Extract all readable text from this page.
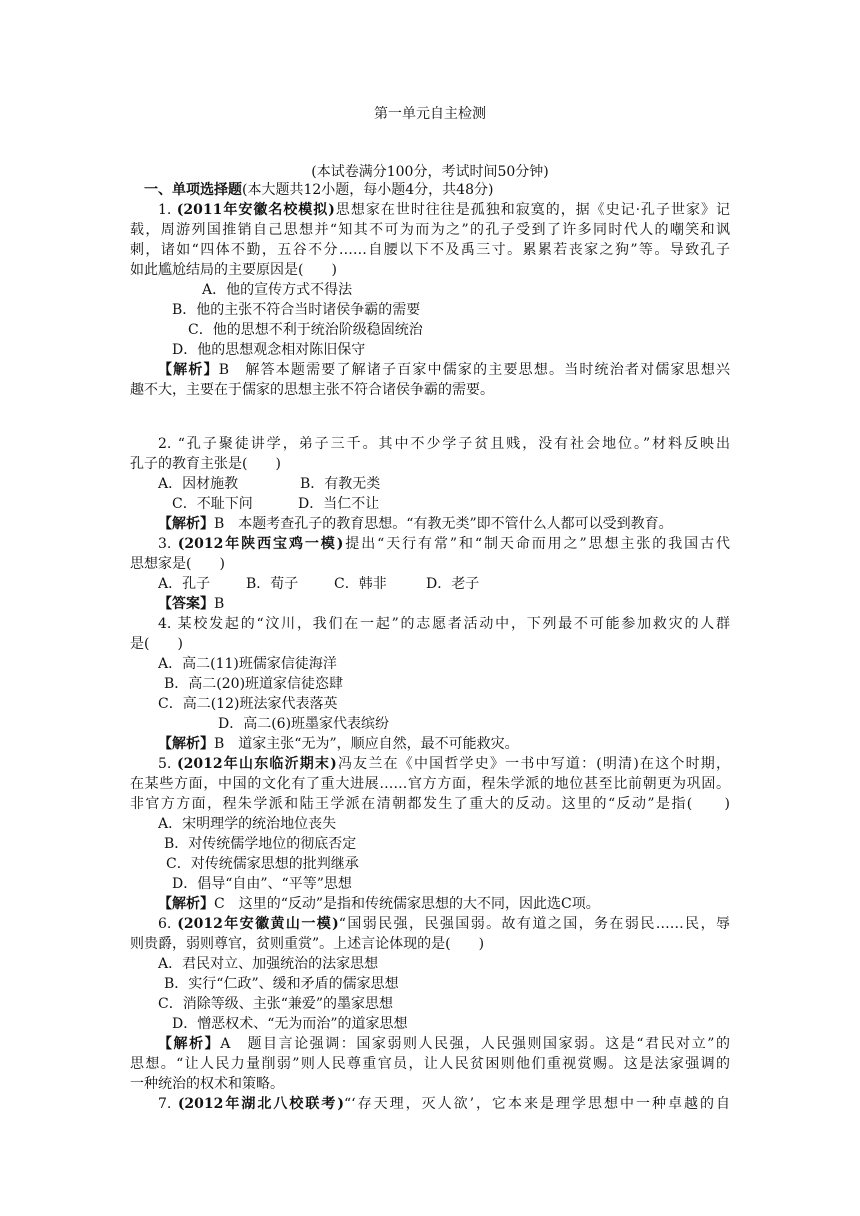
第一单元自主检测
(本试卷满分100分，考试时间50分钟)
一、单项选择题(本大题共12小题，每小题4分，共48分)
1. (2011年安徽名校模拟)思想家在世时往往是孤独和寂寞的，据《史记·孔子世家》记
载，周游列国推销自己思想并“知其不可为而为之”的孔子受到了许多同时代人的嘲笑和讽
刺，诸如“四体不勤，五谷不分……自腰以下不及禹三寸。累累若丧家之狗”等。导致孔子
如此尴尬结局的主要原因是(　　)
A．他的宣传方式不得法
B．他的主张不符合当时诸侯争霸的需要
C．他的思想不利于统治阶级稳固统治
D．他的思想观念相对陈旧保守
【解析】B　解答本题需要了解诸子百家中儒家的主要思想。当时统治者对儒家思想兴
趣不大，主要在于儒家的思想主张不符合诸侯争霸的需要。
2. “孔子聚徒讲学，弟子三千。其中不少学子贫且贱，没有社会地位。”材料反映出
孔子的教育主张是(　　)
A．因材施教	B．有教无类
C．不耻下问	D．当仁不让
【解析】B　本题考查孔子的教育思想。“有教无类”即不管什么人都可以受到教育。
3. (2012年陕西宝鸡一模)提出“天行有常”和“制天命而用之”思想主张的我国古代
思想家是(　　)
A．孔子	B．荀子	C．韩非	D．老子
【答案】B
4. 某校发起的“汶川，我们在一起”的志愿者活动中，下列最不可能参加救灾的人群
是(　　)
A．高二(11)班儒家信徒海洋
B．高二(20)班道家信徒恣肆
C．高二(12)班法家代表落英
D．高二(6)班墨家代表缤纷
【解析】B　道家主张“无为”，顺应自然，最不可能救灾。
5. (2012年山东临沂期末)冯友兰在《中国哲学史》一书中写道：(明清)在这个时期，
在某些方面，中国的文化有了重大进展……官方方面，程朱学派的地位甚至比前朝更为巩固。
非官方方面，程朱学派和陆王学派在清朝都发生了重大的反动。这里的“反动”是指(　　)
A．宋明理学的统治地位丧失
B．对传统儒学地位的彻底否定
C．对传统儒家思想的批判继承
D．倡导“自由”、“平等”思想
【解析】C　这里的“反动”是指和传统儒家思想的大不同，因此选C项。
6. (2012年安徽黄山一模)“国弱民强，民强国弱。故有道之国，务在弱民……民，辱
则贵爵，弱则尊官，贫则重赏”。上述言论体现的是(　　)
A．君民对立、加强统治的法家思想
B．实行“仁政”、缓和矛盾的儒家思想
C．消除等级、主张“兼爱”的墨家思想
D．憎恶权术、“无为而治”的道家思想
【解析】A　题目言论强调：国家弱则人民强，人民强则国家弱。这是“君民对立”的
思想。“让人民力量削弱”则人民尊重官员，让人民贫困则他们重视赏赐。这是法家强调的
一种统治的权术和策略。
7. (2012年湖北八校联考)“‘存天理，灭人欲’，它本来是理学思想中一种卓越的自
